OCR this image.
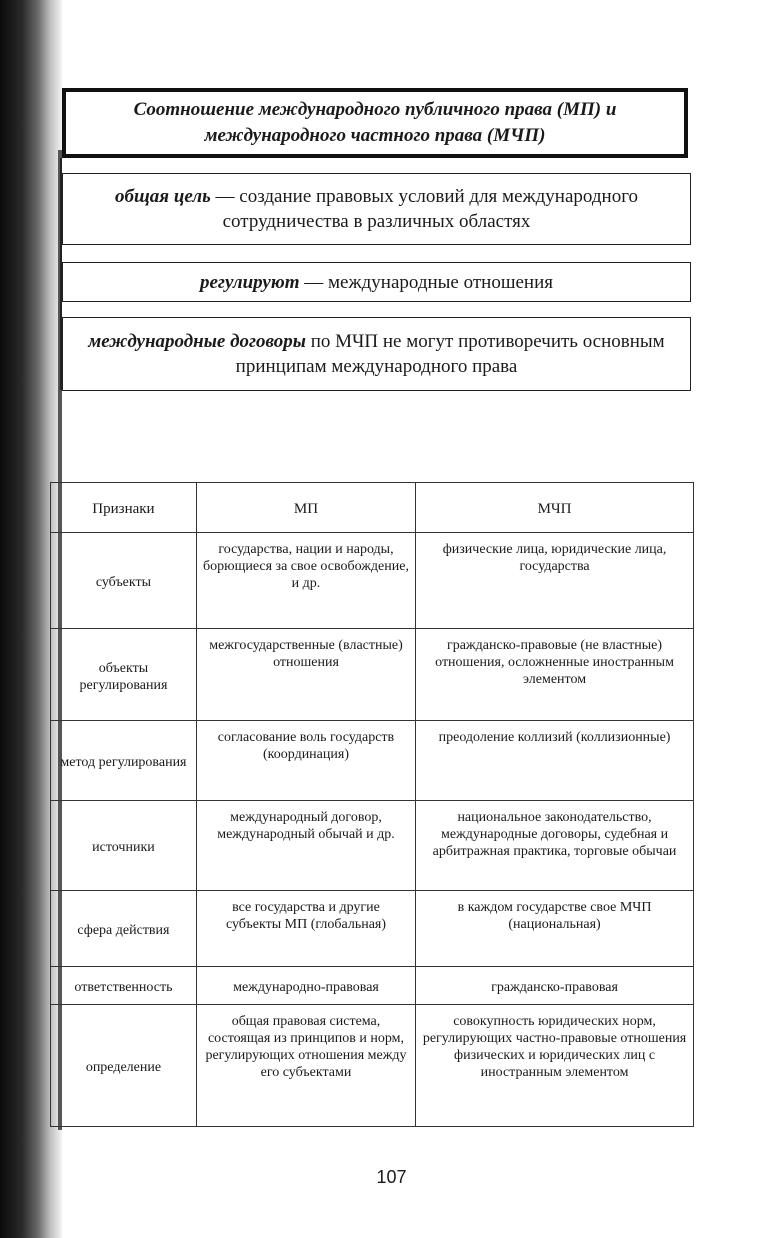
Соотношение международного публичного права (МП) и
международного частного права (МЧП)
общая цель — создание правовых условий для международного сотрудничества в различных областях
регулируют — международные отношения
международные договоры по МЧП не могут противоречить основным принципам международного права
Признаки	МП	МЧП
субъекты	государства, нации и народы, борющиеся за свое освобождение, и др.	физические лица, юридические лица, государства
объекты регулирования	межгосударственные (властные) отношения	гражданско-правовые (не властные) отношения, осложненные иностранным элементом
метод регулирования	согласование воль государств (координация)	преодоление коллизий (коллизионные)
источники	международный договор, международный обычай и др.	национальное законодательство, международные договоры, судебная и арбитражная практика, торговые обычаи
сфера действия	все государства и другие субъекты МП (глобальная)	в каждом государстве свое МЧП (национальная)
ответственность	международно-правовая	гражданско-правовая
определение	общая правовая система, состоящая из принципов и норм, регулирующих отношения между его субъектами	совокупность юридических норм, регулирующих частно-правовые отношения физических и юридических лиц с иностранным элементом
107
